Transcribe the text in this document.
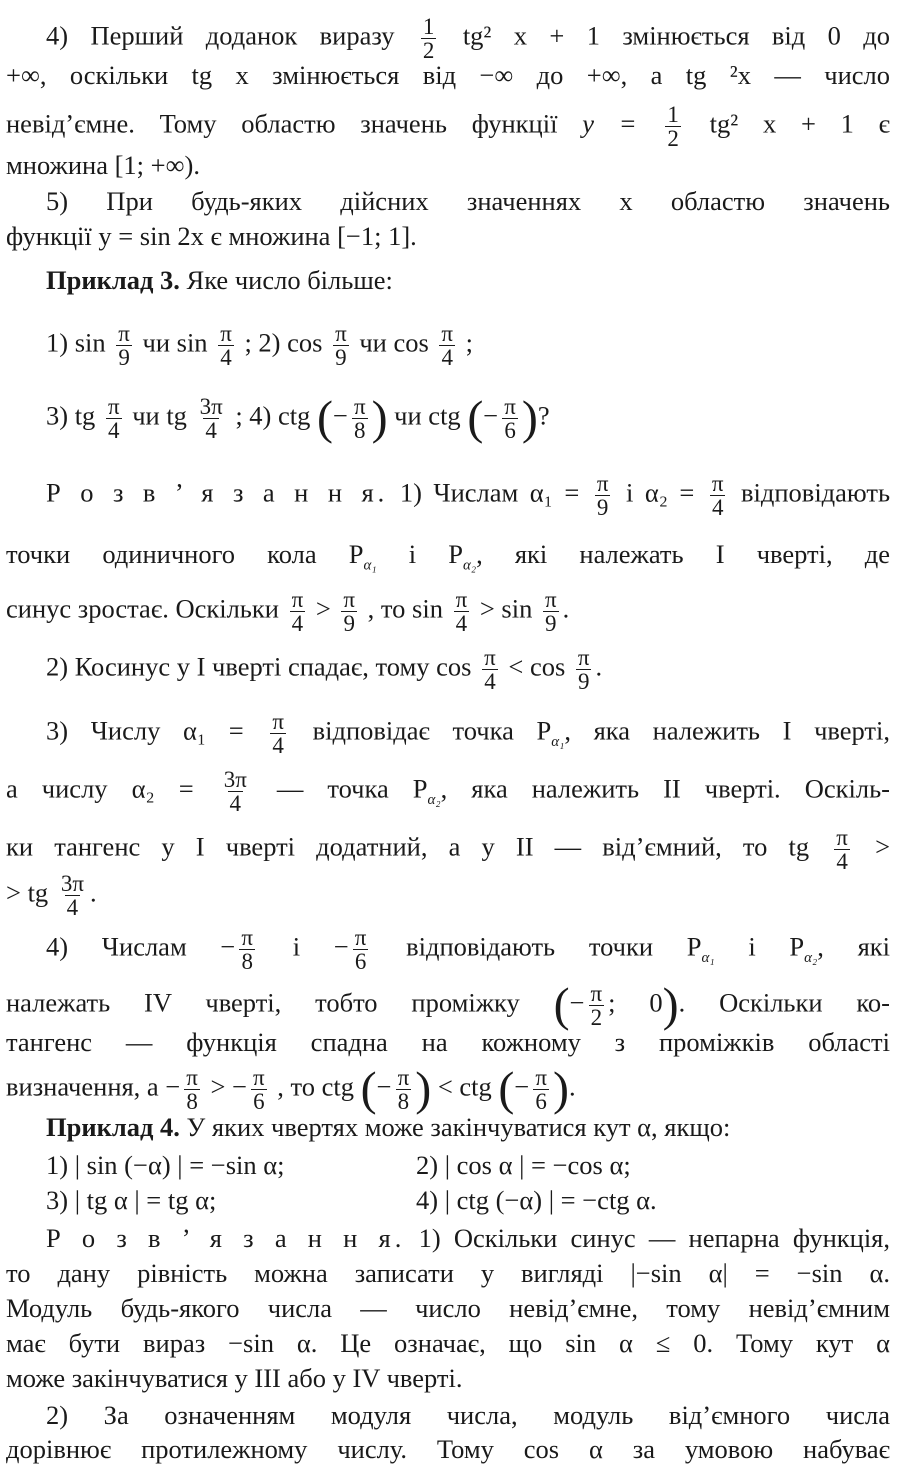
4) Перший доданок виразу $\frac{1}{2} tg^2$ x + 1 змінюється від 0 до
+∞, оскільки tg x змінюється від −∞ до +∞, а tg ²x — число
невід’ємне. Тому областю значень функції $y = \frac{1}{2} tg^2$ x + 1 є
множина [1; +∞).
5) При будь-яких дійсних значеннях x областю значень
функції y = sin 2x є множина [−1; 1].
Приклад 3. Яке число більше:
1) $\sin \frac{\pi}{9}$ чи $\sin \frac{\pi}{4}$ ; 2) $\cos \frac{\pi}{9}$ чи $\cos \frac{\pi}{4}$ ;
3) tg $\frac{\pi}{4}$ чи tg $\frac{3\pi}{4}$ ; 4) ctg (− $\frac{\pi}{8}$ ) чи ctg (− $\frac{\pi}{6}$ )?
Р о з в ’ я з а н н я. 1) Числам $\alpha_1 = \frac{\pi}{9}$ і $\alpha_2 = \frac{\pi}{4}$ відповідають
точки одиничного кола $P_{\alpha_1}$ і $P_{\alpha_2}$, які належать I чверті, де
синус зростає. Оскільки $\frac{\pi}{4} > \frac{\pi}{9}$ , то $\sin \frac{\pi}{4} > \sin \frac{\pi}{9}$ .
2) Косинус у I чверті спадає, тому $\cos \frac{\pi}{4} < \cos \frac{\pi}{9}$ .
3) Числу $\alpha_1 = \frac{\pi}{4}$ відповідає точка $P_{\alpha_1}$, яка належить I чверті,
а числу $\alpha_2 = \frac{3\pi}{4}$ — точка $P_{\alpha_2}$, яка належить II чверті. Оскіль-
ки тангенс у I чверті додатний, а у II — від’ємний, то tg $\frac{\pi}{4}$ >
> tg $\frac{3\pi}{4}$ .
4) Числам − $\frac{\pi}{8}$ $і - \frac{\pi}{6}$ відповідають точки $P_{\alpha_1}$ і $P_{\alpha_2}$, які
належать IV чверті, тобто проміжку (− $\frac{\pi}{2}$ ; 0). Оскільки ко-
тангенс — функція спадна на кожному з проміжків області
визначення, $а - \frac{\pi}{8}$ > − $\frac{\pi}{6}$ , то ctg (− $\frac{\pi}{8}$ ) < ctg (− $\frac{\pi}{6}$ ).
Приклад 4. У яких чвертях може закінчуватися кут α, якщо:
1) | sin (−α) | = −sin α;	2) | cos α | = −cos α;
3) | tg α | = tg α;	4) | ctg (−α) | = −ctg α.
Р о з в ’ я з а н н я. 1) Оскільки синус — непарна функція,
то дану рівність можна записати у вигляді |−sin α| = −sin α.
Модуль будь-якого числа — число невід’ємне, тому невід’ємним
має бути вираз −sin α. Це означає, що sin α ≤ 0. Тому кут α
може закінчуватися у III або у IV чверті.
2) За означенням модуля числа, модуль від’ємного числа
дорівнює протилежному числу. Тому cos α за умовою набуває
